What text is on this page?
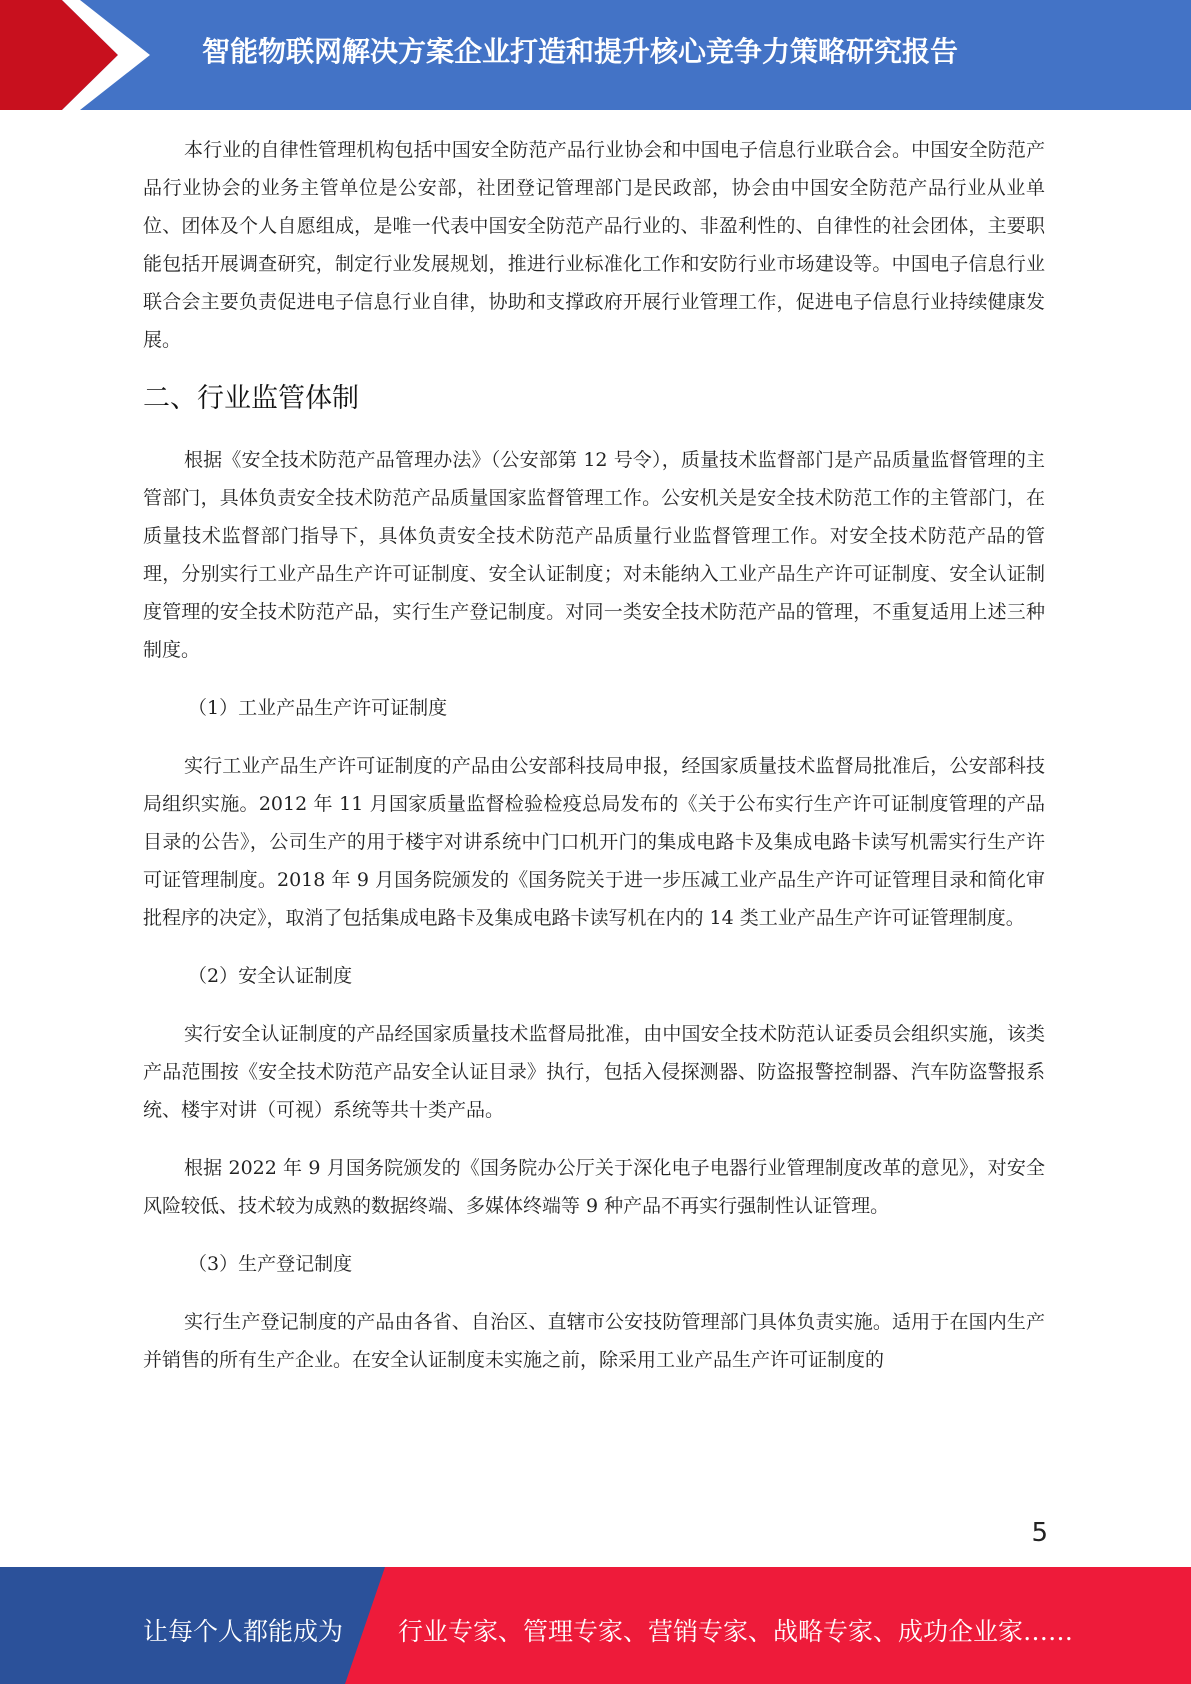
智能物联网解决方案企业打造和提升核心竞争力策略研究报告

本行业的自律性管理机构包括中国安全防范产品行业协会和中国电子信息行业联合会。中国安全防范产品行业协会的业务主管单位是公安部，社团登记管理部门是民政部，协会由中国安全防范产品行业从业单位、团体及个人自愿组成，是唯一代表中国安全防范产品行业的、非盈利性的、自律性的社会团体，主要职能包括开展调查研究，制定行业发展规划，推进行业标准化工作和安防行业市场建设等。中国电子信息行业联合会主要负责促进电子信息行业自律，协助和支撑政府开展行业管理工作，促进电子信息行业持续健康发展。

二、行业监管体制

根据《安全技术防范产品管理办法》（公安部第 12 号令），质量技术监督部门是产品质量监督管理的主管部门，具体负责安全技术防范产品质量国家监督管理工作。公安机关是安全技术防范工作的主管部门，在质量技术监督部门指导下，具体负责安全技术防范产品质量行业监督管理工作。对安全技术防范产品的管理，分别实行工业产品生产许可证制度、安全认证制度；对未能纳入工业产品生产许可证制度、安全认证制度管理的安全技术防范产品，实行生产登记制度。对同一类安全技术防范产品的管理，不重复适用上述三种制度。

（1）工业产品生产许可证制度

实行工业产品生产许可证制度的产品由公安部科技局申报，经国家质量技术监督局批准后，公安部科技局组织实施。2012 年 11 月国家质量监督检验检疫总局发布的《关于公布实行生产许可证制度管理的产品目录的公告》，公司生产的用于楼宇对讲系统中门口机开门的集成电路卡及集成电路卡读写机需实行生产许可证管理制度。2018 年 9 月国务院颁发的《国务院关于进一步压减工业产品生产许可证管理目录和简化审批程序的决定》，取消了包括集成电路卡及集成电路卡读写机在内的 14 类工业产品生产许可证管理制度。

（2）安全认证制度

实行安全认证制度的产品经国家质量技术监督局批准，由中国安全技术防范认证委员会组织实施，该类产品范围按《安全技术防范产品安全认证目录》执行，包括入侵探测器、防盗报警控制器、汽车防盗警报系统、楼宇对讲（可视）系统等共十类产品。

根据 2022 年 9 月国务院颁发的《国务院办公厅关于深化电子电器行业管理制度改革的意见》，对安全风险较低、技术较为成熟的数据终端、多媒体终端等 9 种产品不再实行强制性认证管理。

（3）生产登记制度

实行生产登记制度的产品由各省、自治区、直辖市公安技防管理部门具体负责实施。适用于在国内生产并销售的所有生产企业。在安全认证制度未实施之前，除采用工业产品生产许可证制度的

5
让每个人都能成为 行业专家、管理专家、营销专家、战略专家、成功企业家……
